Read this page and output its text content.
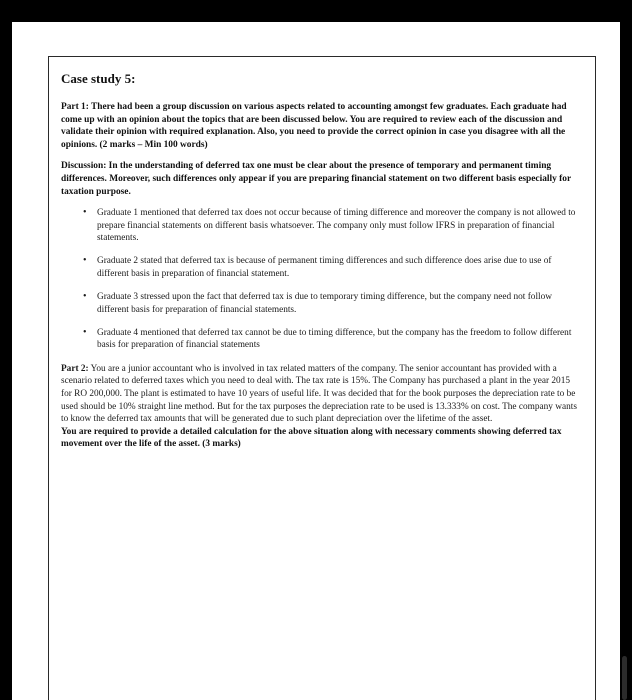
Case study 5:

Part 1: There had been a group discussion on various aspects related to accounting amongst few graduates. Each graduate had come up with an opinion about the topics that are been discussed below. You are required to review each of the discussion and validate their opinion with required explanation. Also, you need to provide the correct opinion in case you disagree with all the opinions. (2 marks – Min 100 words)

Discussion: In the understanding of deferred tax one must be clear about the presence of temporary and permanent timing differences. Moreover, such differences only appear if you are preparing financial statement on two different basis especially for taxation purpose.

• Graduate 1 mentioned that deferred tax does not occur because of timing difference and moreover the company is not allowed to prepare financial statements on different basis whatsoever. The company only must follow IFRS in preparation of financial statements.
• Graduate 2 stated that deferred tax is because of permanent timing differences and such difference does arise due to use of different basis in preparation of financial statement.
• Graduate 3 stressed upon the fact that deferred tax is due to temporary timing difference, but the company need not follow different basis for preparation of financial statements.
• Graduate 4 mentioned that deferred tax cannot be due to timing difference, but the company has the freedom to follow different basis for preparation of financial statements

Part 2: You are a junior accountant who is involved in tax related matters of the company. The senior accountant has provided with a scenario related to deferred taxes which you need to deal with. The tax rate is 15%. The Company has purchased a plant in the year 2015 for RO 200,000. The plant is estimated to have 10 years of useful life. It was decided that for the book purposes the depreciation rate to be used should be 10% straight line method. But for the tax purposes the depreciation rate to be used is 13.333% on cost. The company wants to know the deferred tax amounts that will be generated due to such plant depreciation over the lifetime of the asset.

You are required to provide a detailed calculation for the above situation along with necessary comments showing deferred tax movement over the life of the asset. (3 marks)
